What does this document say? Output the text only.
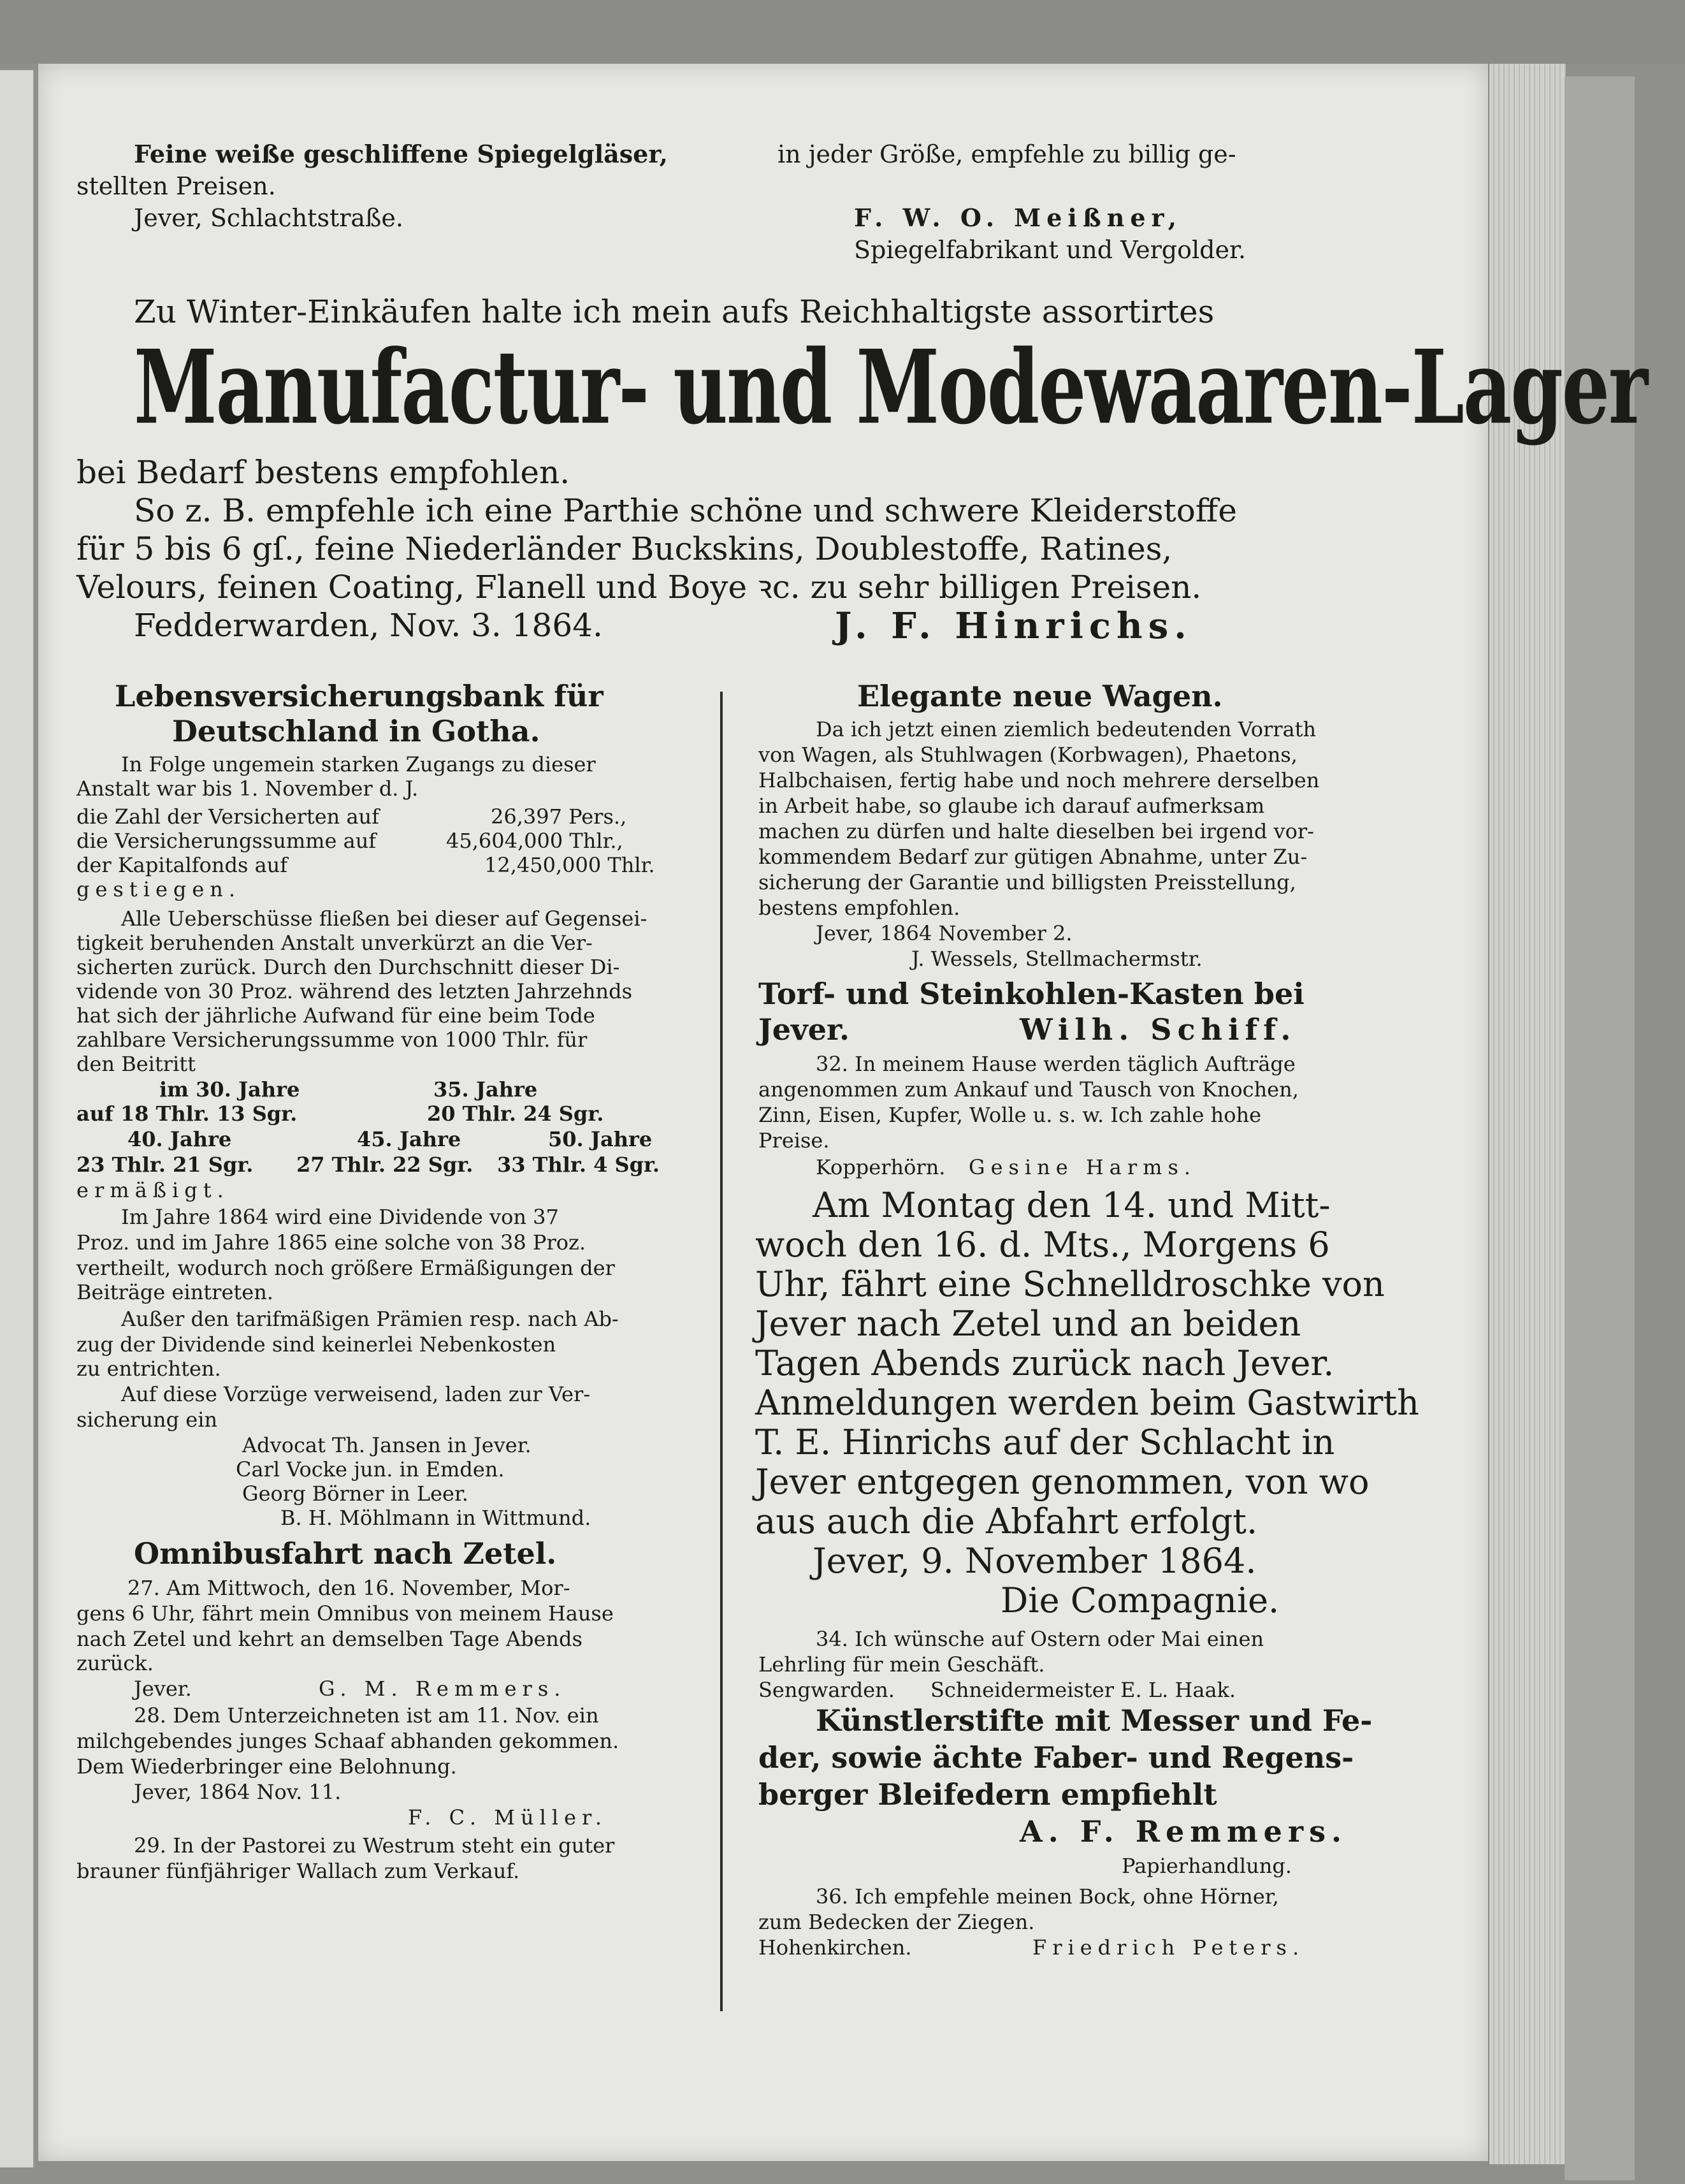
Feine weiße geschliffene Spiegelgläser,	in jeder Größe, empfehle zu billig ge-
stellten Preisen.
Jever, Schlachtstraße.	F. W. O. Meißner,
Spiegelfabrikant und Vergolder.
Zu Winter-Einkäufen halte ich mein aufs Reichhaltigste assortirtes
Manufactur- und Modewaaren-Lager
bei Bedarf bestens empfohlen.
So z. B. empfehle ich eine Parthie schöne und schwere Kleiderstoffe
für 5 bis 6 gſ., feine Niederländer Buckskins, Doublestoffe, Ratines,
Velours, feinen Coating, Flanell und Boye ꝛc. zu sehr billigen Preisen.
Fedderwarden, Nov. 3. 1864.	J. F. Hinrichs.
Lebensversicherungsbank für
Deutschland in Gotha.
In Folge ungemein starken Zugangs zu dieser
Anstalt war bis 1. November d. J.
die Zahl der Versicherten auf	26,397 Pers.,
die Versicherungssumme auf	45,604,000 Thlr.,
der Kapitalfonds auf	12,450,000 Thlr.
gestiegen.
Alle Ueberschüsse fließen bei dieser auf Gegensei-
tigkeit beruhenden Anstalt unverkürzt an die Ver-
sicherten zurück. Durch den Durchschnitt dieser Di-
vidende von 30 Proz. während des letzten Jahrzehnds
hat sich der jährliche Aufwand für eine beim Tode
zahlbare Versicherungssumme von 1000 Thlr. für
den Beitritt
im 30. Jahre	35. Jahre
auf 18 Thlr. 13 Sgr.	20 Thlr. 24 Sgr.
40. Jahre	45. Jahre	50. Jahre
23 Thlr. 21 Sgr. 27 Thlr. 22 Sgr. 33 Thlr. 4 Sgr.
ermäßigt.
Im Jahre 1864 wird eine Dividende von 37
Proz. und im Jahre 1865 eine solche von 38 Proz.
vertheilt, wodurch noch größere Ermäßigungen der
Beiträge eintreten.
Außer den tarifmäßigen Prämien resp. nach Ab-
zug der Dividende sind keinerlei Nebenkosten
zu entrichten.
Auf diese Vorzüge verweisend, laden zur Ver-
sicherung ein
Advocat Th. Jansen in Jever.
Carl Vocke jun. in Emden.
Georg Börner in Leer.
B. H. Möhlmann in Wittmund.
Omnibusfahrt nach Zetel.
27. Am Mittwoch, den 16. November, Mor-
gens 6 Uhr, fährt mein Omnibus von meinem Hause
nach Zetel und kehrt an demselben Tage Abends
zurück.
Jever.	G. M. Remmers.
28. Dem Unterzeichneten ist am 11. Nov. ein
milchgebendes junges Schaaf abhanden gekommen.
Dem Wiederbringer eine Belohnung.
Jever, 1864 Nov. 11.
F. C. Müller.
29. In der Pastorei zu Westrum steht ein guter
brauner fünfjähriger Wallach zum Verkauf.
Elegante neue Wagen.
Da ich jetzt einen ziemlich bedeutenden Vorrath
von Wagen, als Stuhlwagen (Korbwagen), Phaetons,
Halbchaisen, fertig habe und noch mehrere derselben
in Arbeit habe, so glaube ich darauf aufmerksam
machen zu dürfen und halte dieselben bei irgend vor-
kommendem Bedarf zur gütigen Abnahme, unter Zu-
sicherung der Garantie und billigsten Preisstellung,
bestens empfohlen.
Jever, 1864 November 2.
J. Wessels, Stellmachermstr.
Torf- und Steinkohlen-Kasten bei
Jever.	Wilh. Schiff.
32. In meinem Hause werden täglich Aufträge
angenommen zum Ankauf und Tausch von Knochen,
Zinn, Eisen, Kupfer, Wolle u. s. w. Ich zahle hohe
Preise.
Kopperhörn. Gesine Harms.
Am Montag den 14. und Mitt-
woch den 16. d. Mts., Morgens 6
Uhr, fährt eine Schnelldroschke von
Jever nach Zetel und an beiden
Tagen Abends zurück nach Jever.
Anmeldungen werden beim Gastwirth
T. E. Hinrichs auf der Schlacht in
Jever entgegen genommen, von wo
aus auch die Abfahrt erfolgt.
Jever, 9. November 1864.
Die Compagnie.
34. Ich wünsche auf Ostern oder Mai einen
Lehrling für mein Geschäft.
Sengwarden. Schneidermeister E. L. Haak.
Künstlerstifte mit Messer und Fe-
der, sowie ächte Faber- und Regens-
berger Bleifedern empfiehlt
A. F. Remmers.
Papierhandlung.
36. Ich empfehle meinen Bock, ohne Hörner,
zum Bedecken der Ziegen.
Hohenkirchen.	Friedrich Peters.
